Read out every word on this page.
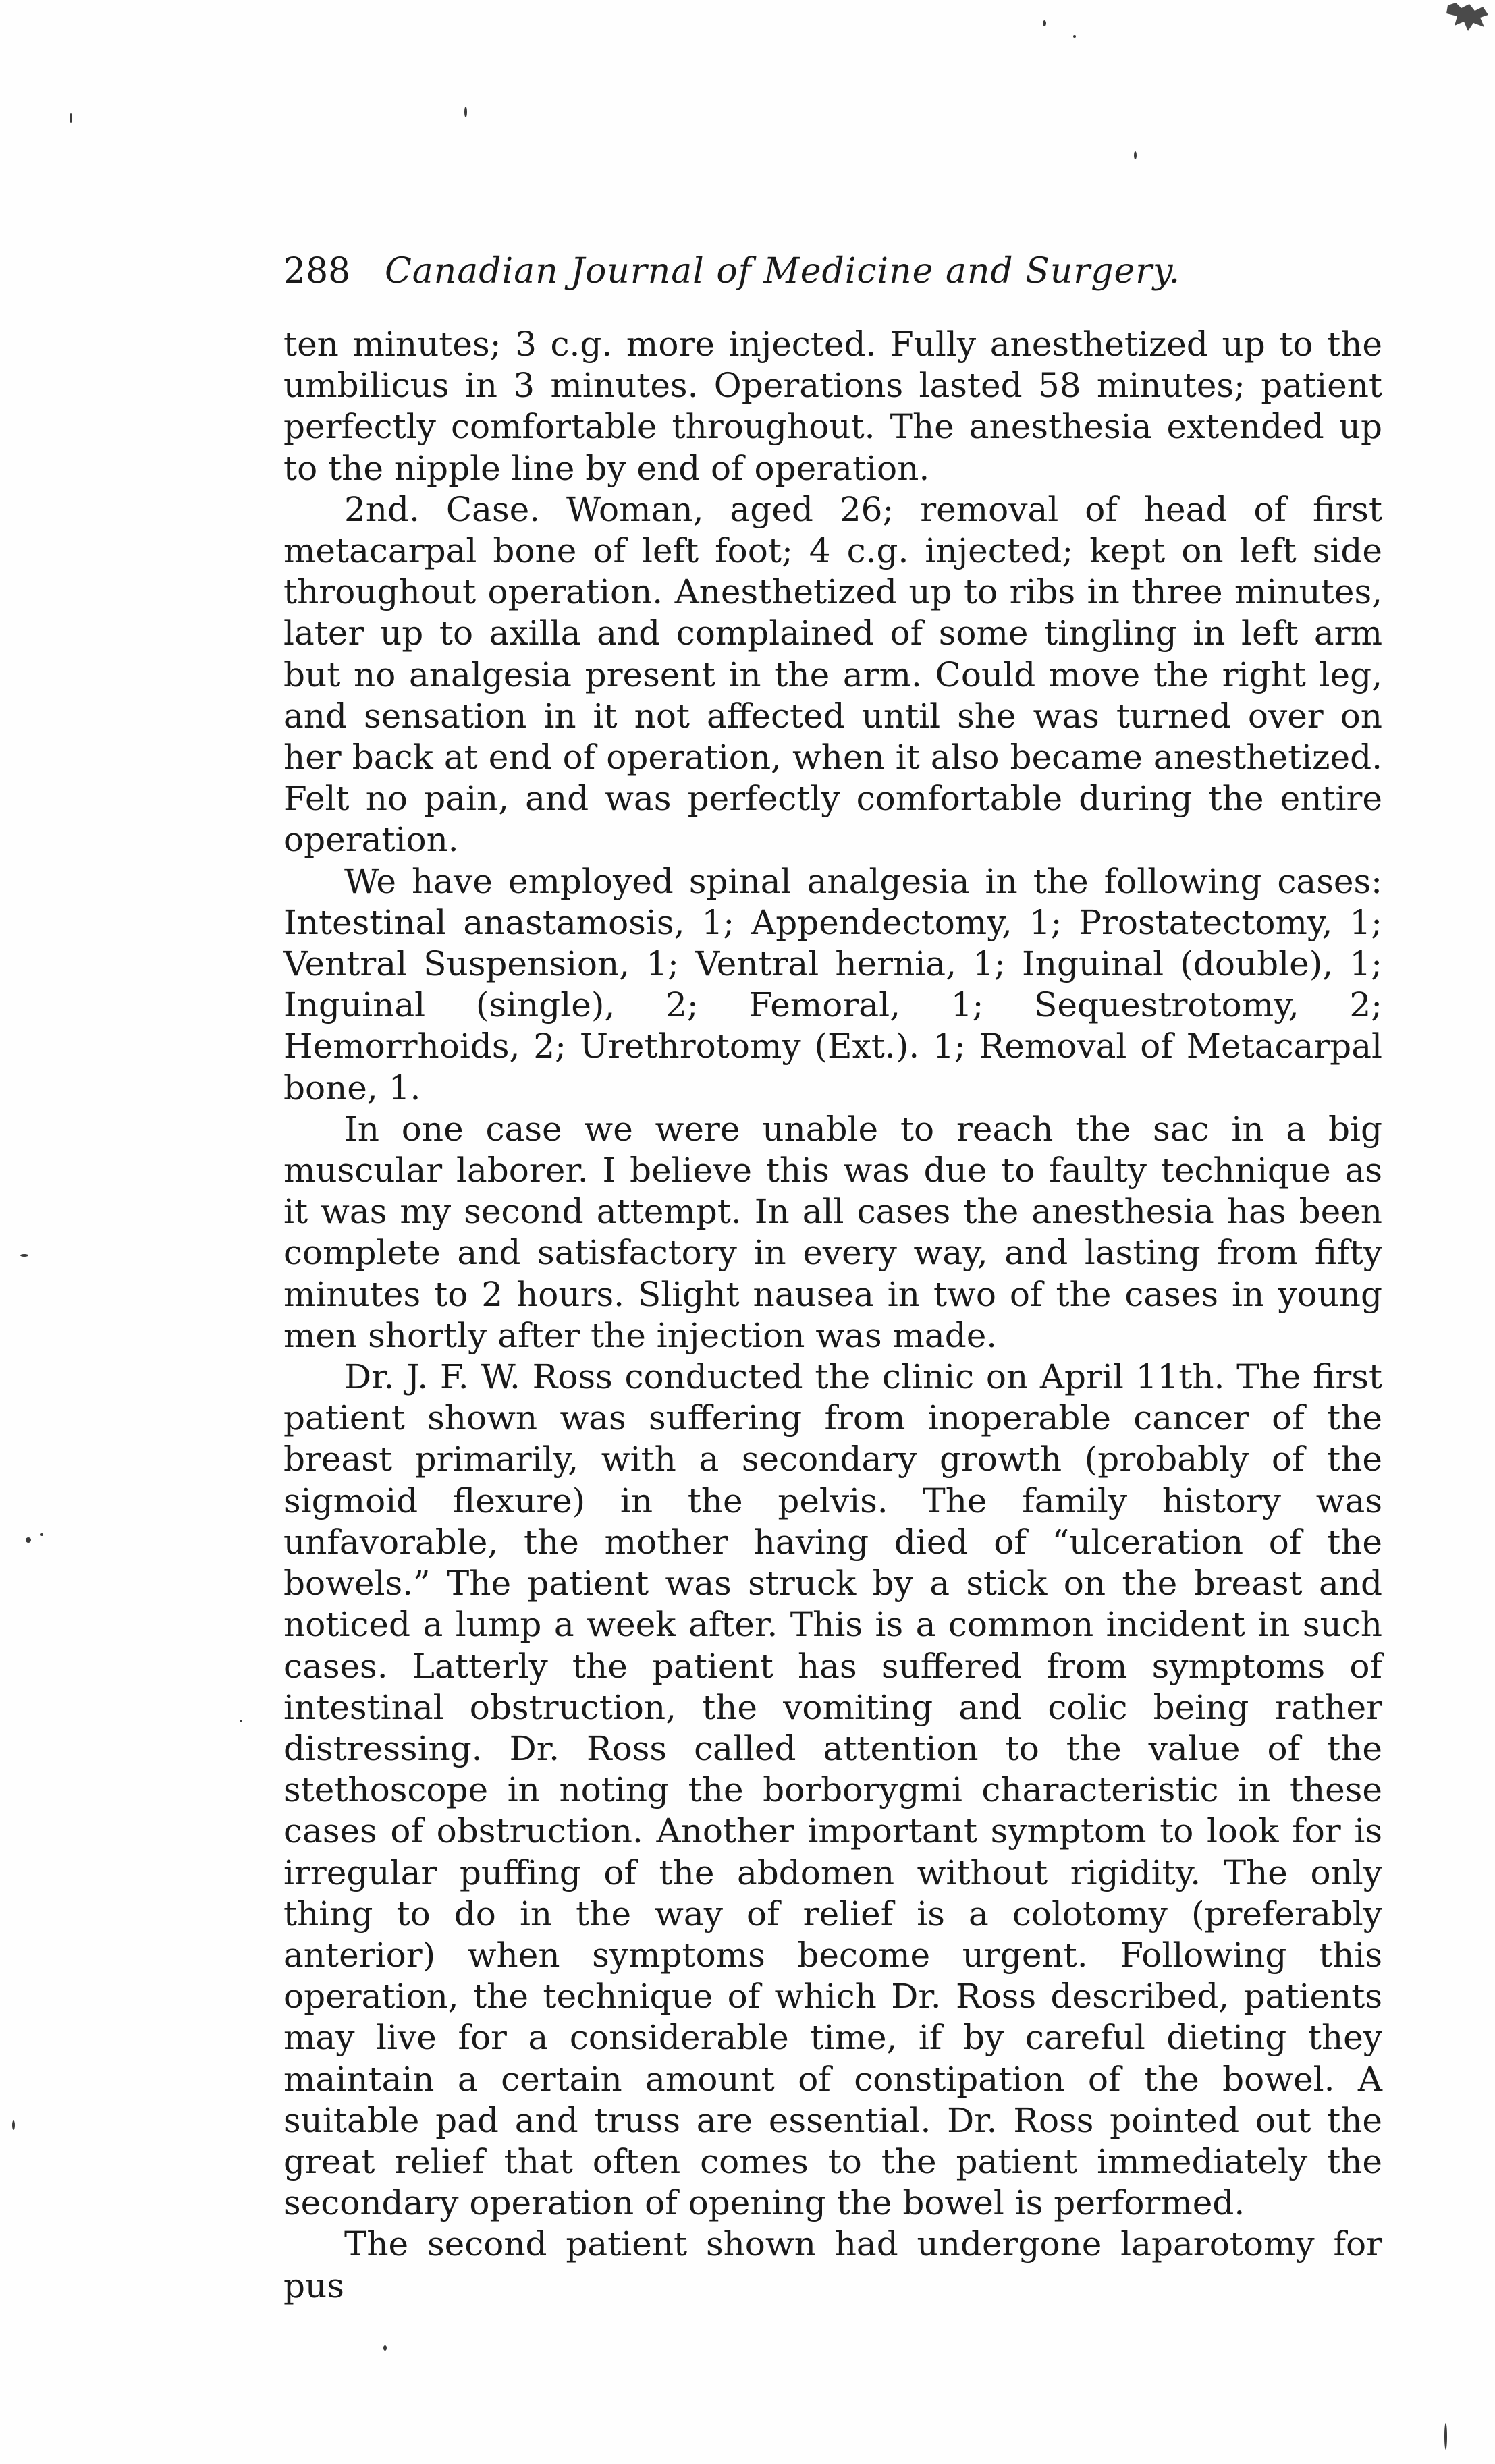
288 Canadian Journal of Medicine and Surgery.

ten minutes; 3 c.g. more injected. Fully anesthetized up to the umbilicus in 3 minutes. Operations lasted 58 minutes; patient perfectly comfortable throughout. The anesthesia extended up to the nipple line by end of operation.

2nd. Case. Woman, aged 26; removal of head of first metacarpal bone of left foot; 4 c.g. injected; kept on left side throughout operation. Anesthetized up to ribs in three minutes, later up to axilla and complained of some tingling in left arm but no analgesia present in the arm. Could move the right leg, and sensation in it not affected until she was turned over on her back at end of operation, when it also became anesthetized. Felt no pain, and was perfectly comfortable during the entire operation.

We have employed spinal analgesia in the following cases: Intestinal anastamosis, 1; Appendectomy, 1; Prostatectomy, 1; Ventral Suspension, 1; Ventral hernia, 1; Inguinal (double), 1; Inguinal (single), 2; Femoral, 1; Sequestrotomy, 2; Hemorrhoids, 2; Urethrotomy (Ext.). 1; Removal of Metacarpal bone, 1.

In one case we were unable to reach the sac in a big muscular laborer. I believe this was due to faulty technique as it was my second attempt. In all cases the anesthesia has been complete and satisfactory in every way, and lasting from fifty minutes to 2 hours. Slight nausea in two of the cases in young men shortly after the injection was made.

Dr. J. F. W. Ross conducted the clinic on April 11th. The first patient shown was suffering from inoperable cancer of the breast primarily, with a secondary growth (probably of the sigmoid flexure) in the pelvis. The family history was unfavorable, the mother having died of “ulceration of the bowels.” The patient was struck by a stick on the breast and noticed a lump a week after. This is a common incident in such cases. Latterly the patient has suffered from symptoms of intestinal obstruction, the vomiting and colic being rather distressing. Dr. Ross called attention to the value of the stethoscope in noting the borborygmi characteristic in these cases of obstruction. Another important symptom to look for is irregular puffing of the abdomen without rigidity. The only thing to do in the way of relief is a colotomy (preferably anterior) when symptoms become urgent. Following this operation, the technique of which Dr. Ross described, patients may live for a considerable time, if by careful dieting they maintain a certain amount of constipation of the bowel. A suitable pad and truss are essential. Dr. Ross pointed out the great relief that often comes to the patient immediately the secondary operation of opening the bowel is performed.

The second patient shown had undergone laparotomy for pus
